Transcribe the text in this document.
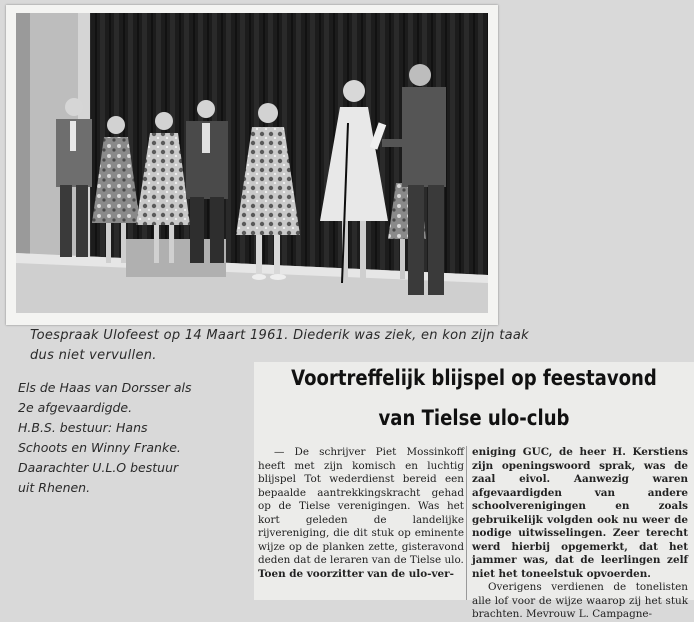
Toespraak Ulofeest op 14 Maart 1961. Diederik was ziek, en kon zijn taak
dus niet vervullen.
Els de Haas van Dorsser als
2e afgevaardigde.
H.B.S. bestuur: Hans
Schoots en Winny Franke.
Daarachter U.L.O bestuur
uit Rhenen.
Voortreffelijk blijspel op feestavond
van Tielse ulo-club

— De schrijver Piet Mossinkoff heeft met zijn komisch en luchtig blijspel Tot wederdienst bereid een bepaalde aantrekkingskracht gehad op de Tielse verenigingen. Was het kort geleden de landelijke rijvereniging, die dit stuk op eminente wijze op de planken zette, gisteravond deden dat de leraren van de Tielse ulo.

Toen de voorzitter van de ulo-ver-

eniging GUC, de heer H. Kerstiens zijn openingswoord sprak, was de zaal eivol. Aanwezig waren afgevaardigden van andere schoolverenigingen en zoals gebruikelijk volgden ook nu weer de nodige uitwisselingen. Zeer terecht werd hierbij opgemerkt, dat het jammer was, dat de leerlingen zelf niet het toneelstuk opvoerden.

Overigens verdienen de tonelisten alle lof voor de wijze waarop zij het stuk brachten. Mevrouw L. Campagne-
